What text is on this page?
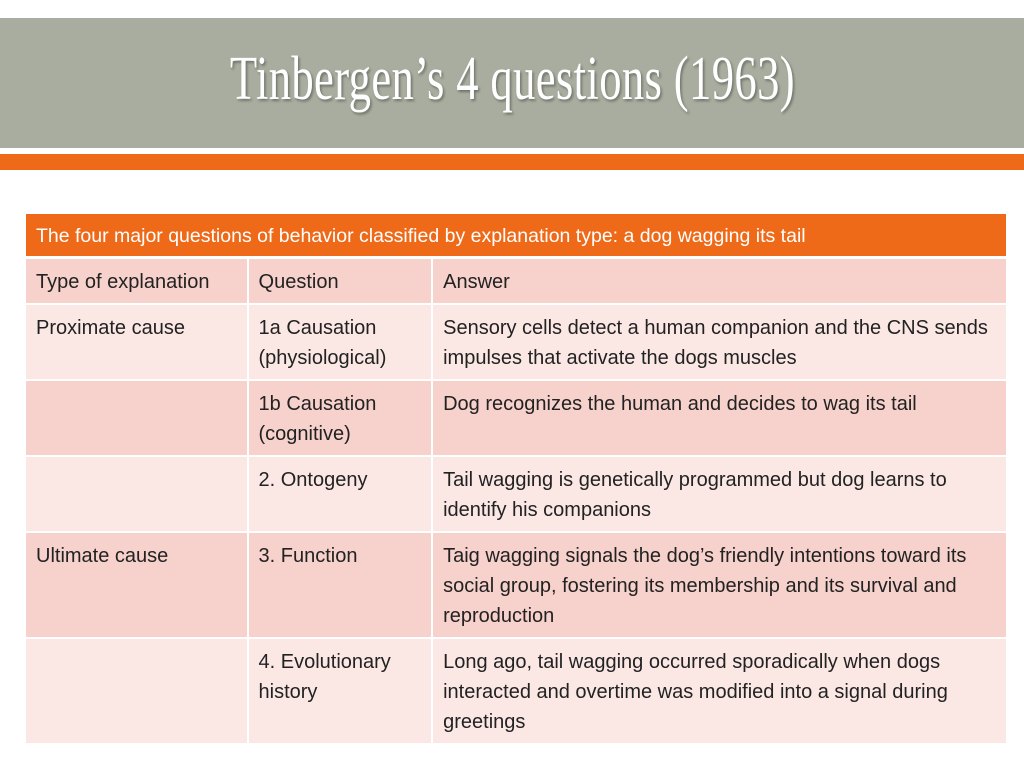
Tinbergen’s 4 questions (1963)
The four major questions of behavior classified by explanation type: a dog wagging its tail		
Type of explanation	Question	Answer
Proximate cause	1a Causation (physiological)	Sensory cells detect a human companion and the CNS sends impulses that activate the dogs muscles
	1b Causation (cognitive)	Dog recognizes the human and decides to wag its tail
	2. Ontogeny	Tail wagging is genetically programmed but dog learns to identify his companions
Ultimate cause	3. Function	Taig wagging signals the dog’s friendly intentions toward its social group, fostering its membership and its survival and reproduction
	4. Evolutionary history	Long ago, tail wagging occurred sporadically when dogs interacted and overtime was modified into a signal during greetings
